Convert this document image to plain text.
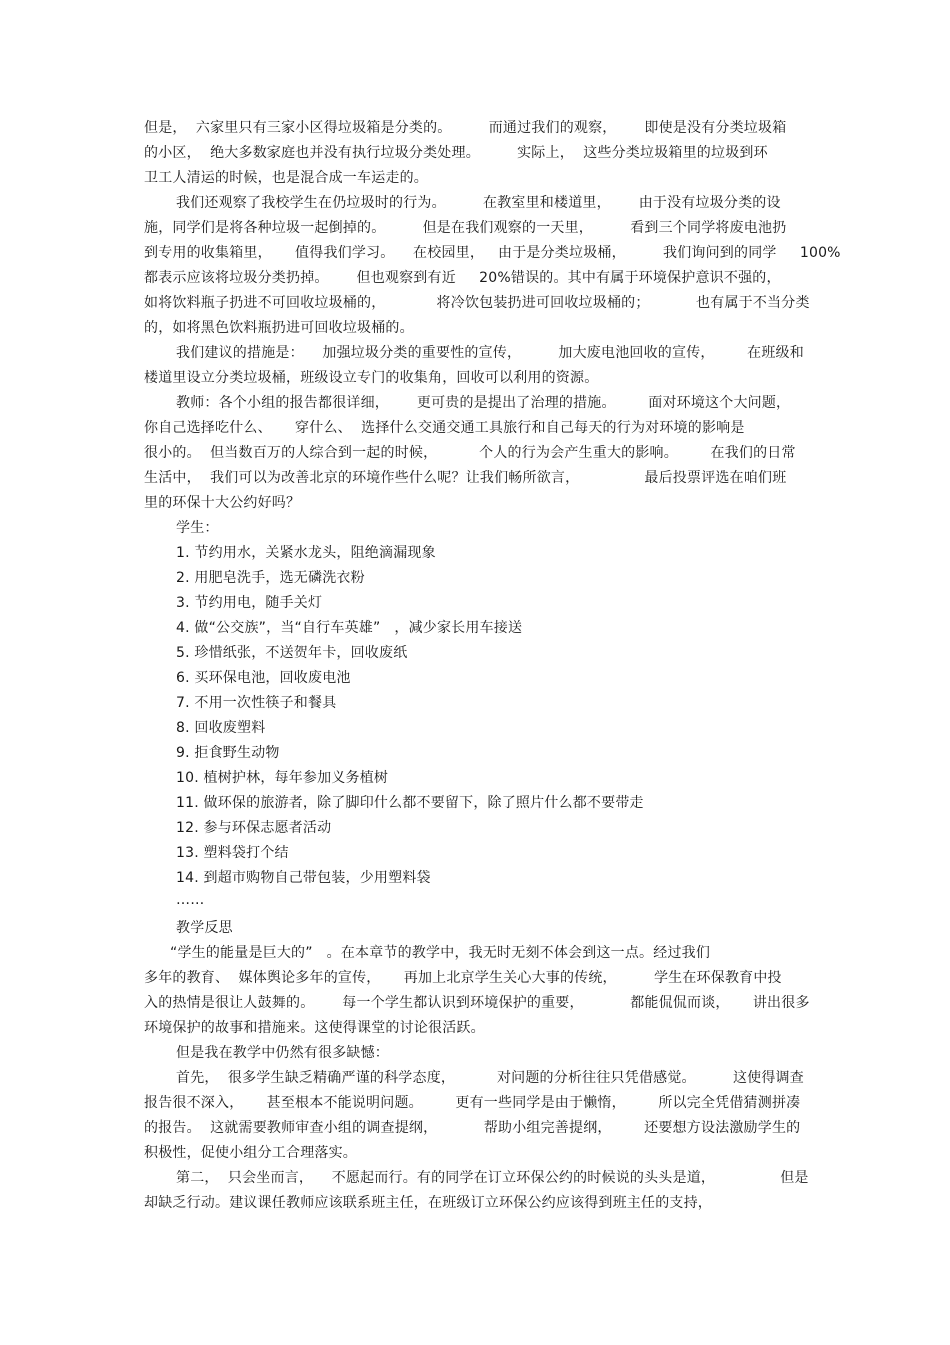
但是，  六家里只有三家小区得垃圾箱是分类的。        而通过我们的观察，      即使是没有分类垃圾箱
的小区，  绝大多数家庭也并没有执行垃圾分类处理。        实际上，  这些分类垃圾箱里的垃圾到环
卫工人清运的时候，也是混合成一车运走的。
我们还观察了我校学生在仍垃圾时的行为。        在教室里和楼道里，      由于没有垃圾分类的设
施，同学们是将各种垃圾一起倒掉的。        但是在我们观察的一天里，        看到三个同学将废电池扔
到专用的收集箱里，     值得我们学习。    在校园里，   由于是分类垃圾桶，        我们询问到的同学     100%
都表示应该将垃圾分类扔掉。      但也观察到有近     20%错误的。其中有属于环境保护意识不强的，
如将饮料瓶子扔进不可回收垃圾桶的，           将冷饮包装扔进可回收垃圾桶的；          也有属于不当分类
的，如将黑色饮料瓶扔进可回收垃圾桶的。
我们建议的措施是：    加强垃圾分类的重要性的宣传，        加大废电池回收的宣传，       在班级和
楼道里设立分类垃圾桶，班级设立专门的收集角，回收可以利用的资源。
教师：各个小组的报告都很详细，      更可贵的是提出了治理的措施。       面对环境这个大问题，
你自己选择吃什么、     穿什么、  选择什么交通交通工具旅行和自己每天的行为对环境的影响是
很小的。  但当数百万的人综合到一起的时候，         个人的行为会产生重大的影响。       在我们的日常
生活中，  我们可以为改善北京的环境作些什么呢？让我们畅所欲言，              最后投票评选在咱们班
里的环保十大公约好吗？
学生：
1. 节约用水，关紧水龙头，阻绝滴漏现象
2. 用肥皂洗手，选无磷洗衣粉
3. 节约用电，随手关灯
4. 做“公交族”，当“自行车英雄”   ，减少家长用车接送
5. 珍惜纸张，不送贺年卡，回收废纸
6. 买环保电池，回收废电池
7. 不用一次性筷子和餐具
8. 回收废塑料
9. 拒食野生动物
10. 植树护林，每年参加义务植树
11. 做环保的旅游者，除了脚印什么都不要留下，除了照片什么都不要带走
12. 参与环保志愿者活动
13. 塑料袋打个结
14. 到超市购物自己带包装，少用塑料袋
……
教学反思
“学生的能量是巨大的”   。在本章节的教学中，我无时无刻不体会到这一点。经过我们
多年的教育、  媒体舆论多年的宣传，     再加上北京学生关心大事的传统，        学生在环保教育中投
入的热情是很让人鼓舞的。      每一个学生都认识到环境保护的重要，          都能侃侃而谈，     讲出很多
环境保护的故事和措施来。这使得课堂的讨论很活跃。
但是我在教学中仍然有很多缺憾：
首先，  很多学生缺乏精确严谨的科学态度，         对问题的分析往往只凭借感觉。        这使得调查
报告很不深入，     甚至根本不能说明问题。       更有一些同学是由于懒惰，       所以完全凭借猜测拼凑
的报告。  这就需要教师审查小组的调查提纲，          帮助小组完善提纲，       还要想方设法激励学生的
积极性，促使小组分工合理落实。
第二，  只会坐而言，    不愿起而行。有的同学在订立环保公约的时候说的头头是道，              但是
却缺乏行动。建议课任教师应该联系班主任，在班级订立环保公约应该得到班主任的支持，
